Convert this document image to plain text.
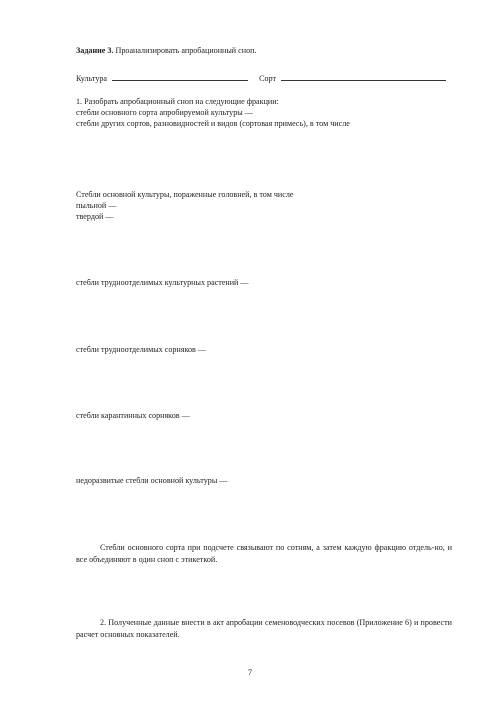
Задание 3. Проанализировать апробационный сноп.
Культура	Сорт
1. Разобрать апробационный сноп на следующие фракции:
стебли основного сорта апробируемой культуры —
стебли других сортов, разновидностей и видов (сортовая примесь), в том числе
Стебли основной культуры, пораженные головней, в том числе
пыльной —
твердой —
стебли трудноотделимых культурных растений —
стебли трудноотделимых сорняков —
стебли карантинных сорняков —
недоразвитые стебли основной культуры —
Стебли основного сорта при подсчете связывают по сотням, а затем каждую фракцию отдель-но, и все объединяют в один сноп с этикеткой.
2. Полученные данные внести в акт апробации семеноводческих посевов (Приложение 6) и провести расчет основных показателей.
7
